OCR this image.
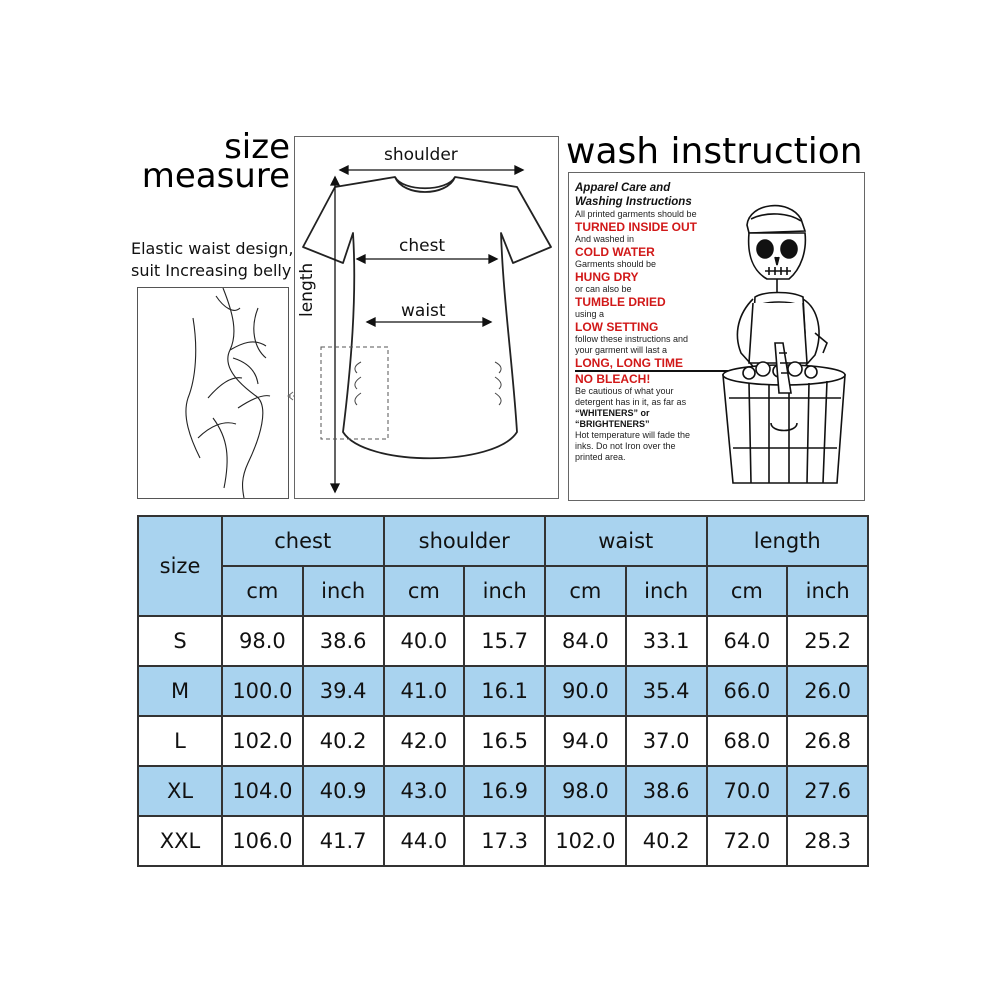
size
measure
Elastic waist design,
suit Increasing belly
shoulder
chest
waist
length
wash instruction
Apparel Care and
Washing Instructions
All printed garments should be
TURNED INSIDE OUT
And washed in
COLD WATER
Garments should be
HUNG DRY
or can also be
TUMBLE DRIED
using a
LOW SETTING
follow these instructions and
your garment will last a
LONG, LONG TIME
NO BLEACH!
Be cautious of what your
detergent has in it, as far as
“WHITENERS” or
“BRIGHTENERS”
Hot temperature will fade the
inks. Do not Iron over the
printed area.
size	chest		shoulder		waist		length	
	cm	inch	cm	inch	cm	inch	cm	inch
S	98.0	38.6	40.0	15.7	84.0	33.1	64.0	25.2
M	100.0	39.4	41.0	16.1	90.0	35.4	66.0	26.0
L	102.0	40.2	42.0	16.5	94.0	37.0	68.0	26.8
XL	104.0	40.9	43.0	16.9	98.0	38.6	70.0	27.6
XXL	106.0	41.7	44.0	17.3	102.0	40.2	72.0	28.3
